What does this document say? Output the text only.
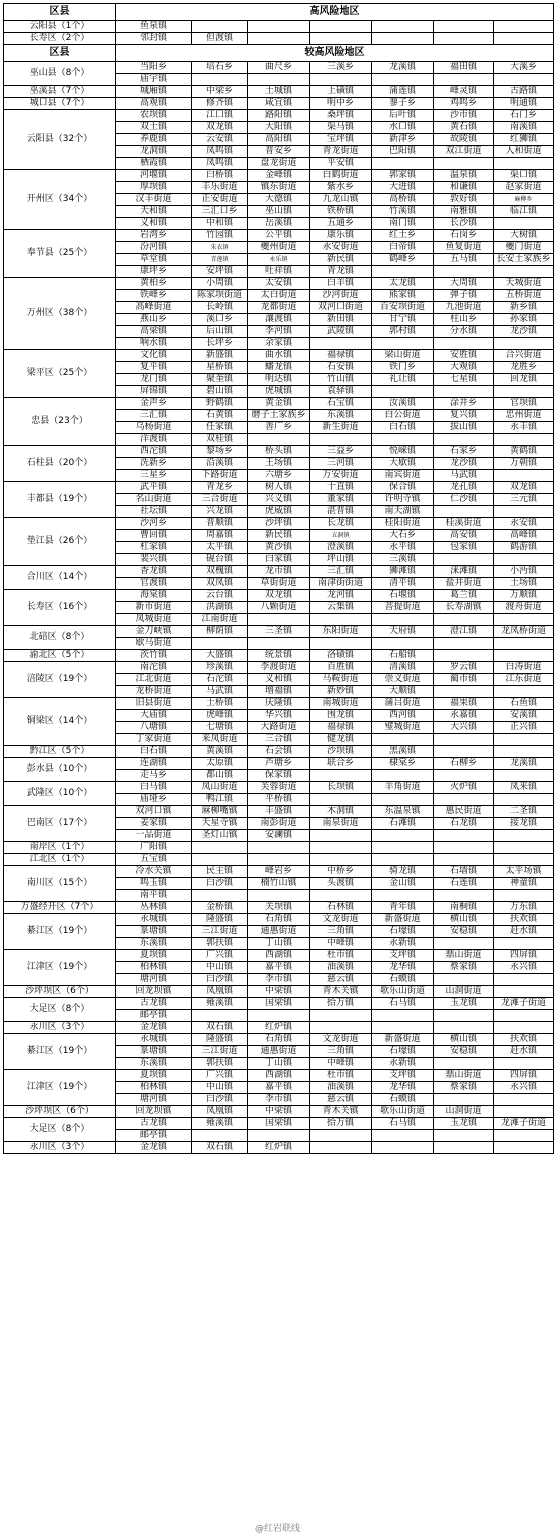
区县	高风险地区						
云阳县（1个）	鱼泉镇						
长寿区（2个）	邻封镇	但渡镇					
区县	较高风险地区						
巫山县（8个）	当阳乡	培石乡	曲尺乡	三溪乡	龙溪镇	福田镇	大溪乡
	庙宇镇						
巫溪县（7个）	城厢镇	中梁乡	土城镇	上磺镇	蒲莲镇	峰灵镇	古路镇
城口县（7个）	高观镇	修齐镇	咸宜镇	明中乡	蓼子乡	鸡鸣乡	明通镇
云阳县（32个）	农坝镇	江口镇	路阳镇	桑坪镇	后叶镇	沙市镇	石门乡
	双土镇	双龙镇	大阳镇	渠马镇	水口镇	黄石镇	南溪镇
	养鹿镇	云安镇	高阳镇	宝坪镇	新津乡	故陵镇	红狮镇
	龙洞镇	凤鸣镇	普安乡	青龙街道	巴阳镇	双江街道	人和街道
	栖霞镇	凤鸣镇	盘龙街道	平安镇			
开州区（34个）	河堰镇	白桥镇	金峰镇	白鹤街道	郭家镇	温泉镇	渠口镇
	厚坝镇	丰乐街道	镇东街道	紫水乡	大进镇	和谦镇	赵家街道
	汉丰街道	正安街道	大德镇	九龙山镇	高桥镇	敦好镇	麻柳乡
	天和镇	三汇口乡	巫山镇	铁桥镇	竹溪镇	南雅镇	临江镇
	义和镇	中和镇	岳溪镇	五通乡	南门镇	长沙镇	
奉节县（25个）	岩湾乡	竹园镇	公平镇	康乐镇	红土乡	石岗乡	大树镇
	汾河镇	朱衣镇	夔州街道	永安街道	白帝镇	鱼复街道	夔门街道
	草堂镇	青莲镇	永乐镇	新民镇	鹤峰乡	五马镇	长安土家族乡
	康坪乡	安坪镇	吐祥镇	青龙镇			
万州区（38个）	黄柏乡	小周镇	太安镇	白羊镇	太龙镇	大周镇	天城街道
	铁峰乡	陈家坝街道	太白街道	沙河街道	熊家镇	弹子镇	五桥街道
	高峰街道	长岭镇	龙都街道	双河口街道	百安坝街道	九池街道	新乡镇
	燕山乡	溪口乡	瀼渡镇	新田镇	甘宁镇	柱山乡	孙家镇
	高梁镇	后山镇	李河镇	武陵镇	郭村镇	分水镇	龙沙镇
	响水镇	长坪乡	余家镇				
梁平区（25个）	文化镇	新盛镇	曲水镇	福禄镇	梁山街道	安胜镇	合兴街道
	复平镇	星桥镇	蟠龙镇	石安镇	铁门乡	大观镇	龙胜乡
	龙门镇	聚奎镇	明达镇	竹山镇	礼让镇	七星镇	回龙镇
	屏锦镇	碧山镇	虎城镇	袁驿镇			
忠县（23个）	金声乡	野鹤镇	黄金镇	石宝镇	汝溪镇	涂井乡	官坝镇
	三汇镇	石黄镇	磨子土家族乡	东溪镇	白公街道	复兴镇	忠州街道
	乌杨街道	任家镇	善广乡	新生街道	白石镇	拔山镇	永丰镇
	洋渡镇	双桂镇					
石柱县（20个）	西沱镇	黎场乡	桥头镇	三益乡	悦崃镇	石家乡	黄鹤镇
	洗新乡	沿溪镇	王场镇	三河镇	大歇镇	龙沙镇	万朝镇
	三星乡	下路街道	六塘乡	万安街道	南宾街道	马武镇	
丰都县（19个）	武平镇	青龙乡	树人镇	十直镇	保合镇	龙孔镇	双龙镇
	名山街道	三合街道	兴义镇	董家镇	许明寺镇	仁沙镇	三元镇
	社坛镇	兴龙镇	虎威镇	湛普镇	南天湖镇		
垫江县（26个）	沙河乡	普顺镇	沙坪镇	长龙镇	桂阳街道	桂溪街道	永安镇
	曹回镇	周嘉镇	新民镇	五洞镇	大石乡	高安镇	高峰镇
	杠家镇	太平镇	黄沙镇	澄溪镇	永平镇	包家镇	鹤游镇
	裴兴镇	砚台镇	白家镇	坪山镇	三溪镇		
合川区（14个）	香龙镇	双槐镇	龙市镇	三汇镇	狮滩镇	涞滩镇	小沔镇
	官渡镇	双凤镇	草街街道	南津街街道	清平镇	盐井街道	土场镇
长寿区（16个）	海棠镇	云台镇	双龙镇	龙河镇	石堰镇	葛兰镇	万顺镇
	新市街道	洪湖镇	八颗街道	云集镇	菩提街道	长寿湖镇	渡舟街道
	凤城街道	江南街道					
北碚区（8个）	金刀峡镇	柳荫镇	三圣镇	东阳街道	天府镇	澄江镇	龙凤桥街道
	歇马街道						
渝北区（5个）	茨竹镇	大盛镇	统景镇	洛碛镇	石船镇		
涪陵区（19个）	南沱镇	珍溪镇	李渡街道	百胜镇	清溪镇	罗云镇	白涛街道
	江北街道	石沱镇	义和镇	马鞍街道	崇义街道	蔺市镇	江东街道
	龙桥街道	马武镇	增福镇	新妙镇	大顺镇		
铜梁区（14个）	旧县街道	土桥镇	庆隆镇	南城街道	蒲吕街道	福果镇	石鱼镇
	大庙镇	虎峰镇	华兴镇	围龙镇	西河镇	永嘉镇	安溪镇
	八塘镇	七塘镇	大路街道	福禄镇	璧城街道	大兴镇	正兴镇
	丁家街道	来凤街道	三合镇	健龙镇			
黔江区（5个）	白石镇	黄溪镇	石会镇	沙坝镇	黑溪镇		
彭水县（10个）	连湖镇	太原镇	芦塘乡	联合乡	棣棠乡	石柳乡	龙溪镇
	走马乡	都山镇	保家镇				
武隆区（10个）	白马镇	凤山街道	芙蓉街道	长坝镇	羊角街道	火炉镇	凤来镇
	庙垭乡	鸭江镇	平桥镇				
巴南区（17个）	双河口镇	麻柳嘴镇	丰盛镇	木洞镇	东温泉镇	惠民街道	二圣镇
	姜家镇	天星寺镇	南彭街道	南泉街道	石滩镇	石龙镇	接龙镇
	一品街道	圣灯山镇	安澜镇				
南岸区（1个）	广阳镇						
江北区（1个）	五宝镇						
南川区（15个）	冷水关镇	民主镇	峰岩乡	中桥乡	骑龙镇	石墙镇	太平场镇
	鸣玉镇	白沙镇	楠竹山镇	头渡镇	金山镇	石莲镇	神童镇
	南平镇						
万盛经开区（7个）	丛林镇	金桥镇	关坝镇	石林镇	青年镇	南桐镇	万东镇
綦江区（19个）	永城镇	隆盛镇	石角镇	文龙街道	新盛街道	横山镇	扶欢镇
	篆塘镇	三江街道	通惠街道	三角镇	石壕镇	安稳镇	赶水镇
	东溪镇	郭扶镇	丁山镇	中峰镇	永新镇		
江津区（19个）	夏坝镇	广兴镇	西湖镇	杜市镇	支坪镇	鼎山街道	四屏镇
	柏林镇	中山镇	嘉平镇	油溪镇	龙华镇	蔡家镇	永兴镇
	塘河镇	白沙镇	李市镇	慈云镇	石蟆镇		
沙坪坝区（6个）	回龙坝镇	凤凰镇	中梁镇	青木关镇	歌乐山街道	山洞街道	
大足区（8个）	古龙镇	雍溪镇	国梁镇	拾万镇	石马镇	玉龙镇	龙滩子街道
	邮亭镇						
永川区（3个）	金龙镇	双石镇	红炉镇				
綦江区（19个）	永城镇	隆盛镇	石角镇	文龙街道	新盛街道	横山镇	扶欢镇
	篆塘镇	三江街道	通惠街道	三角镇	石壕镇	安稳镇	赶水镇
	东溪镇	郭扶镇	丁山镇	中峰镇	永新镇		
江津区（19个）	夏坝镇	广兴镇	西湖镇	杜市镇	支坪镇	鼎山街道	四屏镇
	柏林镇	中山镇	嘉平镇	油溪镇	龙华镇	蔡家镇	永兴镇
	塘河镇	白沙镇	李市镇	慈云镇	石蟆镇		
沙坪坝区（6个）	回龙坝镇	凤凰镇	中梁镇	青木关镇	歌乐山街道	山洞街道	
大足区（8个）	古龙镇	雍溪镇	国梁镇	拾万镇	石马镇	玉龙镇	龙滩子街道
	邮亭镇						
永川区（3个）	金龙镇	双石镇	红炉镇				
@红岩联线
